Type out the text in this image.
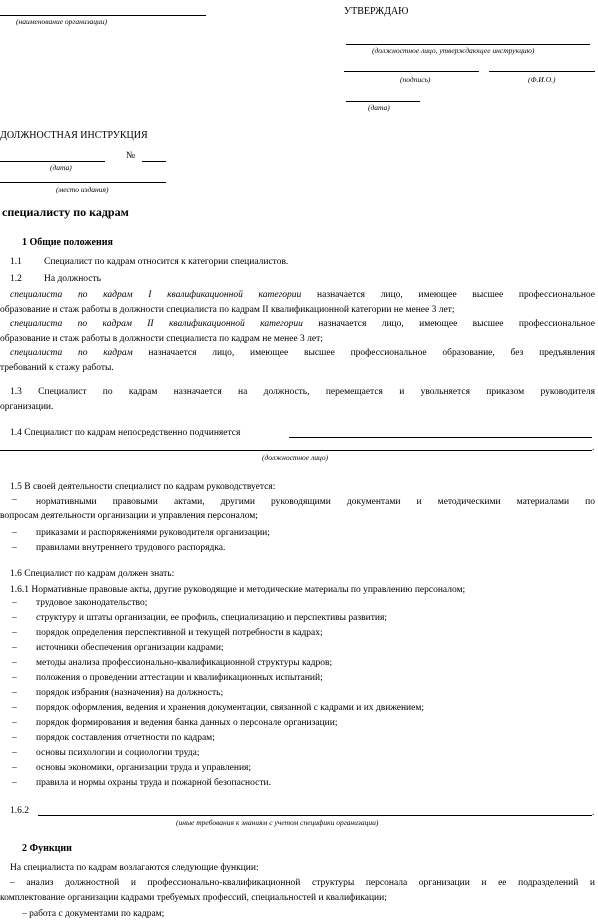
(наименование организации)
УТВЕРЖДАЮ
(должностное лицо, утверждающее инструкцию)
(подпись)	(Ф.И.О.)
(дата)
ДОЛЖНОСТНАЯ ИНСТРУКЦИЯ
№
(дата)
(место издания)
специалисту по кадрам
1 Общие положения
1.1 Специалист по кадрам относится к категории специалистов.
1.2 На должность
специалиста по кадрам I квалификационной категории назначается лицо, имеющее высшее профессиональное
образование и стаж работы в должности специалиста по кадрам II квалификационной категории не менее 3 лет;
специалиста по кадрам II квалификационной категории назначается лицо, имеющее высшее профессиональное
образование и стаж работы в должности специалиста по кадрам не менее 3 лет;
специалиста по кадрам назначается лицо, имеющее высшее профессиональное образование, без предъявления
требований к стажу работы.
1.3 Специалист по кадрам назначается на должность, перемещается и увольняется приказом руководителя
организации.
1.4 Специалист по кадрам непосредственно подчиняется
.
(должностное лицо)
1.5 В своей деятельности специалист по кадрам руководствуется:
– нормативными правовыми актами, другими руководящими документами и методическими материалами по
вопросам деятельности организации и управления персоналом;
– приказами и распоряжениями руководителя организации;
– правилами внутреннего трудового распорядка.
1.6 Специалист по кадрам должен знать:
1.6.1 Нормативные правовые акты, другие руководящие и методические материалы по управлению персоналом;
– трудовое законодательство;
– структуру и штаты организации, ее профиль, специализацию и перспективы развития;
– порядок определения перспективной и текущей потребности в кадрах;
– источники обеспечения организации кадрами;
– методы анализа профессионально-квалификационной структуры кадров;
– положения о проведении аттестации и квалификационных испытаний;
– порядок избрания (назначения) на должность;
– порядок оформления, ведения и хранения документации, связанной с кадрами и их движением;
– порядок формирования и ведения банка данных о персонале организации;
– порядок составления отчетности по кадрам;
– основы психологии и социологии труда;
– основы экономики, организации труда и управления;
– правила и нормы охраны труда и пожарной безопасности.
1.6.2	.
(иные требования к знаниям с учетом специфики организации)
2 Функции
На специалиста по кадрам возлагаются следующие функции:
– анализ должностной и профессионально-квалификационной структуры персонала организации и ее подразделений и
комплектование организации кадрами требуемых профессий, специальностей и квалификации;
– работа с документами по кадрам;
